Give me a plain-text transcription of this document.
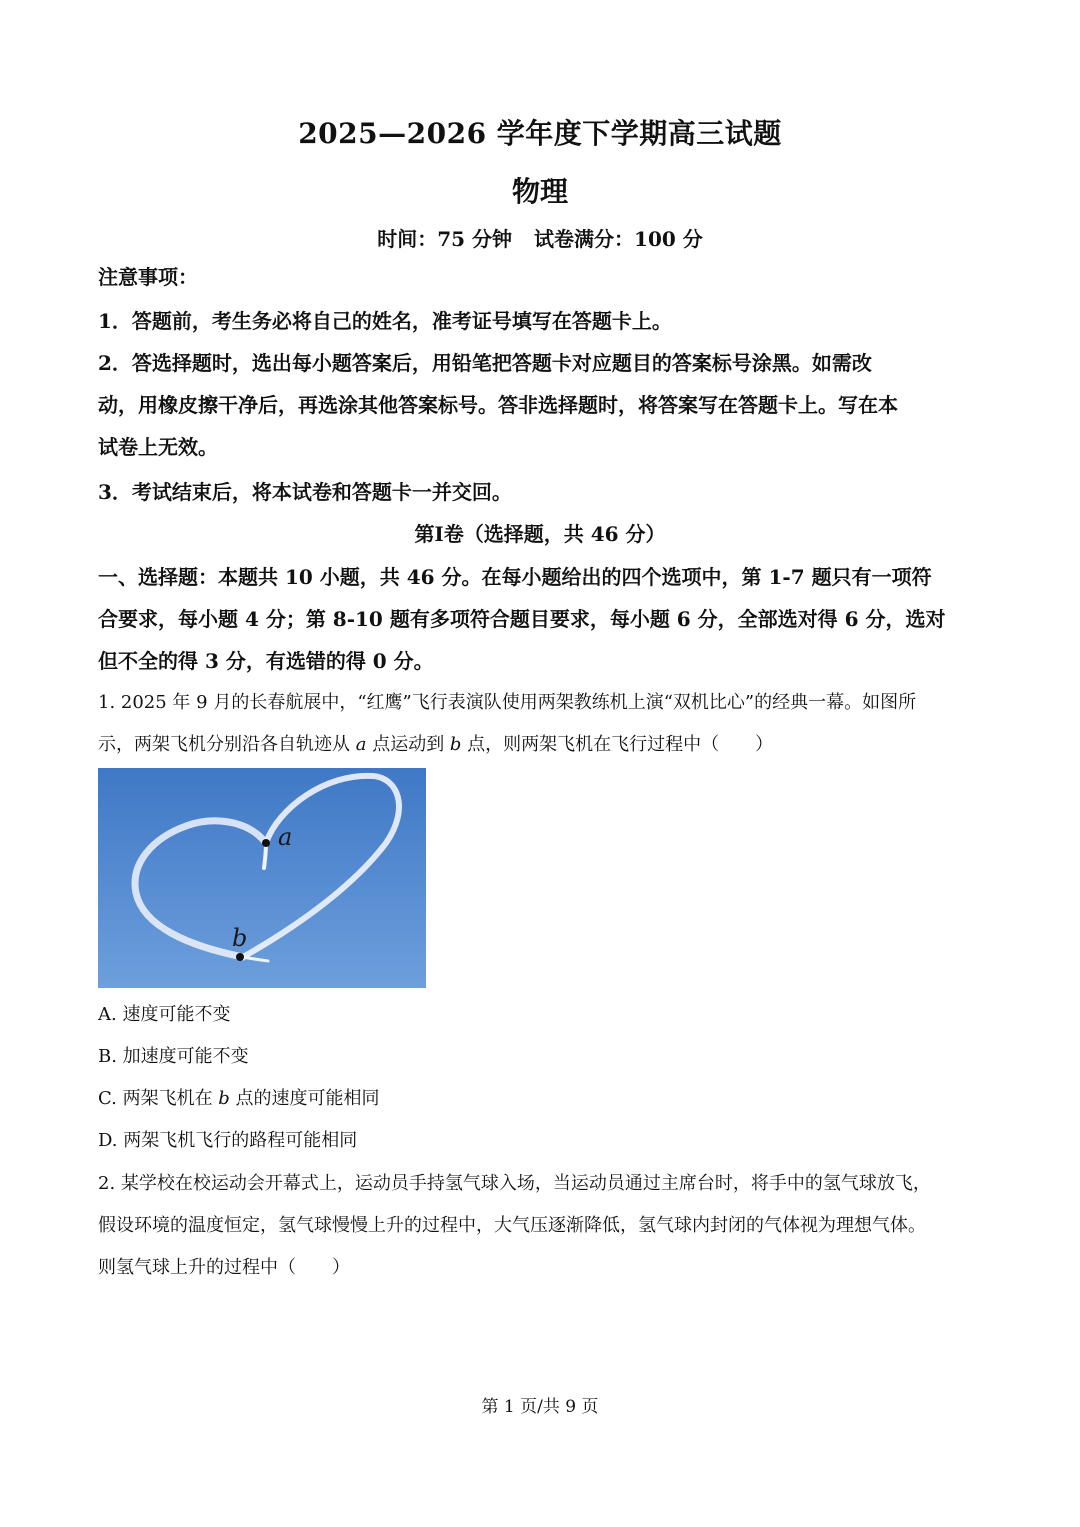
2025—2026 学年度下学期高三试题
物理
时间：75 分钟 试卷满分：100 分
注意事项：
1．答题前，考生务必将自己的姓名，准考证号填写在答题卡上。
2．答选择题时，选出每小题答案后，用铅笔把答题卡对应题目的答案标号涂黑。如需改
动，用橡皮擦干净后，再选涂其他答案标号。答非选择题时，将答案写在答题卡上。写在本
试卷上无效。
3．考试结束后，将本试卷和答题卡一并交回。
第Ⅰ卷（选择题，共 46 分）
一、选择题：本题共 10 小题，共 46 分。在每小题给出的四个选项中，第 1-7 题只有一项符
合要求，每小题 4 分；第 8-10 题有多项符合题目要求，每小题 6 分，全部选对得 6 分，选对
但不全的得 3 分，有选错的得 0 分。
1. 2025 年 9 月的长春航展中，“红鹰”飞行表演队使用两架教练机上演“双机比心”的经典一幕。如图所
示，两架飞机分别沿各自轨迹从 a 点运动到 b 点，则两架飞机在飞行过程中（　　）
a
b
A. 速度可能不变
B. 加速度可能不变
C. 两架飞机在 b 点的速度可能相同
D. 两架飞机飞行的路程可能相同
2. 某学校在校运动会开幕式上，运动员手持氢气球入场，当运动员通过主席台时，将手中的氢气球放飞，
假设环境的温度恒定，氢气球慢慢上升的过程中，大气压逐渐降低，氢气球内封闭的气体视为理想气体。
则氢气球上升的过程中（　　）
第 1 页/共 9 页
